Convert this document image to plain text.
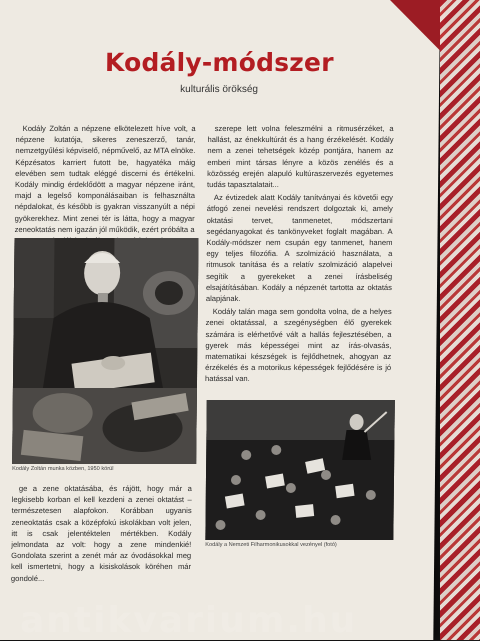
Kodály-módszer
kulturális örökség

Kodály Zoltán a népzene elkötelezett híve volt, a népzene kutatója, sikeres zeneszerző, tanár, nemzetgyűlési képviselő, népművelő, az MTA elnöke. Képzésatos karriert futott be, hagyatéka máig elevében sem tudtak eléggé discerni és értékelni. Kodály mindig érdeklődött a magyar népzene iránt, majd a legelső komponálásaiban is felhasználta népdalokat, és később is gyakran visszanyúlt a népi gyökerekhez. Mint zenei tér is látta, hogy a magyar zeneoktatás nem igazán jól működik, ezért próbálta a

Kodály Zoltán munka közben, 1950 körül

ge a zene oktatásába, és rájött, hogy már a legkisebb korban el kell kezdeni a zenei oktatást – természetesen alapfokon. Korábban ugyanis zeneoktatás csak a középfokú iskolákban volt jelen, itt is csak jelentéktelen mértékben. Kodály jelmondata az volt: hogy a zene mindenkié! Gondolata szerint a zenét már az óvodásokkal meg kell ismertetni, hogy a kisiskolások köréhen már gondolé...

szerepe lett volna feleszmélni a ritmusérzéket, a hallást, az énekkultúrát és a hang érzékelését. Kodály nem a zenei tehetségek közép pontjára, hanem az emberi mint társas lényre a közös zenélés és a közösség erején alapuló kultúraszervezés egyetemes tudás tapasztalatait...

Az évtizedek alatt Kodály tanítványai és követői egy átfogó zenei nevelési rendszert dolgoztak ki, amely oktatási tervet, tanmenetet, módszertani segédanyagokat és tankönyveket foglalt magában. A Kodály-módszer nem csupán egy tanmenet, hanem egy teljes filozófia. A szolmizáció használata, a ritmusok tanítása és a relatív szolmizáció alapelvei segítik a gyerekeket a zenei írásbeliség elsajátításában. Kodály a népzenét tartotta az oktatás alapjának.

Kodály talán maga sem gondolta volna, de a helyes zenei oktatással, a szegénységben élő gyerekek számára is elérhetővé vált a hallás fejlesztésében, a gyerek más képességei mint az írás-olvasás, matematikai készségek is fejlődhetnek, ahogyan az érzékelés és a motorikus képességek fejlődésére is jó hatással van.

Kodály a Nemzeti Filharmonikusokkal vezényel (fotó)
antikvarium.hu
